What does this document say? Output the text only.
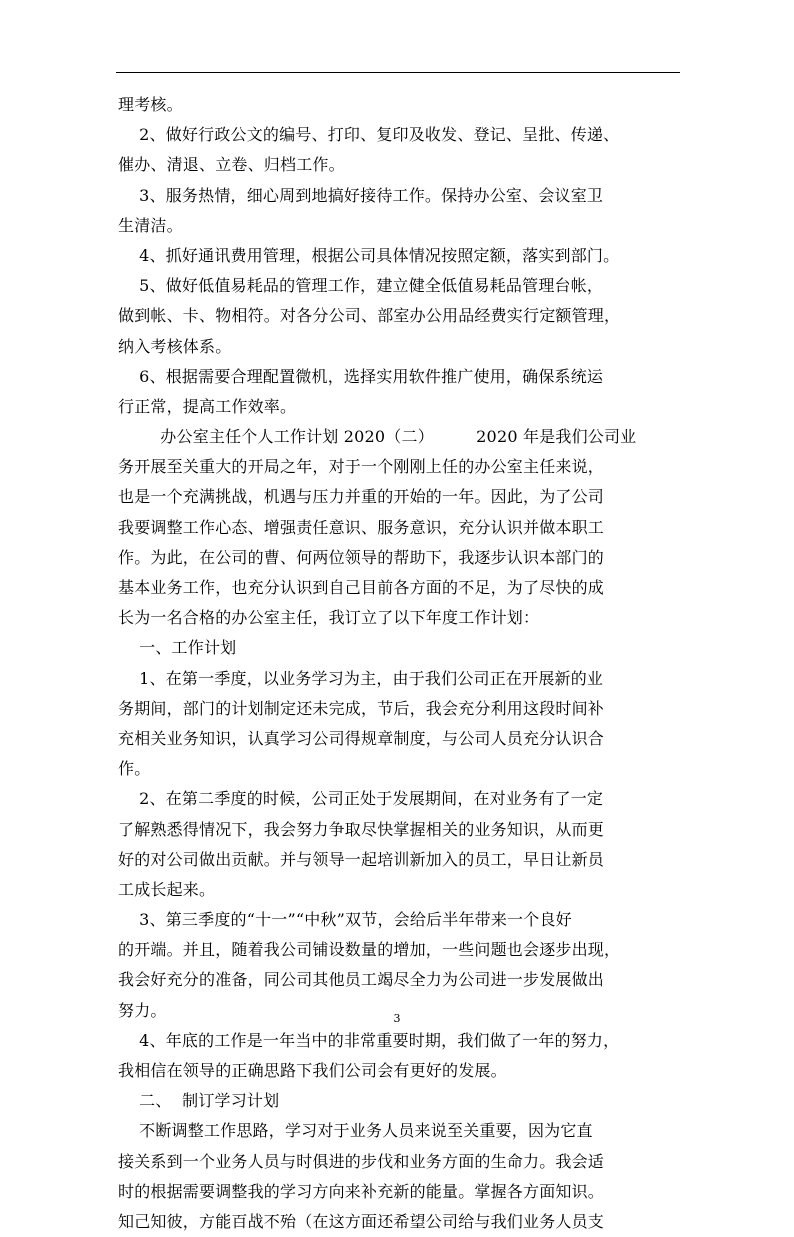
理考核。
2、做好行政公文的编号、打印、复印及收发、登记、呈批、传递、
催办、清退、立卷、归档工作。
3、服务热情，细心周到地搞好接待工作。保持办公室、会议室卫
生清洁。
4、抓好通讯费用管理，根据公司具体情况按照定额，落实到部门。
5、做好低值易耗品的管理工作，建立健全低值易耗品管理台帐，
做到帐、卡、物相符。对各分公司、部室办公用品经费实行定额管理，
纳入考核体系。
6、根据需要合理配置微机，选择实用软件推广使用，确保系统运
行正常，提高工作效率。
办公室主任个人工作计划 2020（二）        2020 年是我们公司业
务开展至关重大的开局之年，对于一个刚刚上任的办公室主任来说，
也是一个充满挑战，机遇与压力并重的开始的一年。因此，为了公司
我要调整工作心态、增强责任意识、服务意识，充分认识并做本职工
作。为此，在公司的曹、何两位领导的帮助下，我逐步认识本部门的
基本业务工作，也充分认识到自己目前各方面的不足，为了尽快的成
长为一名合格的办公室主任，我订立了以下年度工作计划：
一、工作计划
1、在第一季度，以业务学习为主，由于我们公司正在开展新的业
务期间，部门的计划制定还未完成，节后，我会充分利用这段时间补
充相关业务知识，认真学习公司得规章制度，与公司人员充分认识合
作。
2、在第二季度的时候，公司正处于发展期间，在对业务有了一定
了解熟悉得情况下，我会努力争取尽快掌握相关的业务知识，从而更
好的对公司做出贡献。并与领导一起培训新加入的员工，早日让新员
工成长起来。
3、第三季度的“十一”“中秋”双节，会给后半年带来一个良好
的开端。并且，随着我公司铺设数量的增加，一些问题也会逐步出现，
我会好充分的准备，同公司其他员工竭尽全力为公司进一步发展做出
努力。
4、年底的工作是一年当中的非常重要时期，我们做了一年的努力，
我相信在领导的正确思路下我们公司会有更好的发展。
二、  制订学习计划
不断调整工作思路，学习对于业务人员来说至关重要，因为它直
接关系到一个业务人员与时俱进的步伐和业务方面的生命力。我会适
时的根据需要调整我的学习方向来补充新的能量。掌握各方面知识。
知己知彼，方能百战不殆（在这方面还希望公司给与我们业务人员支
3
